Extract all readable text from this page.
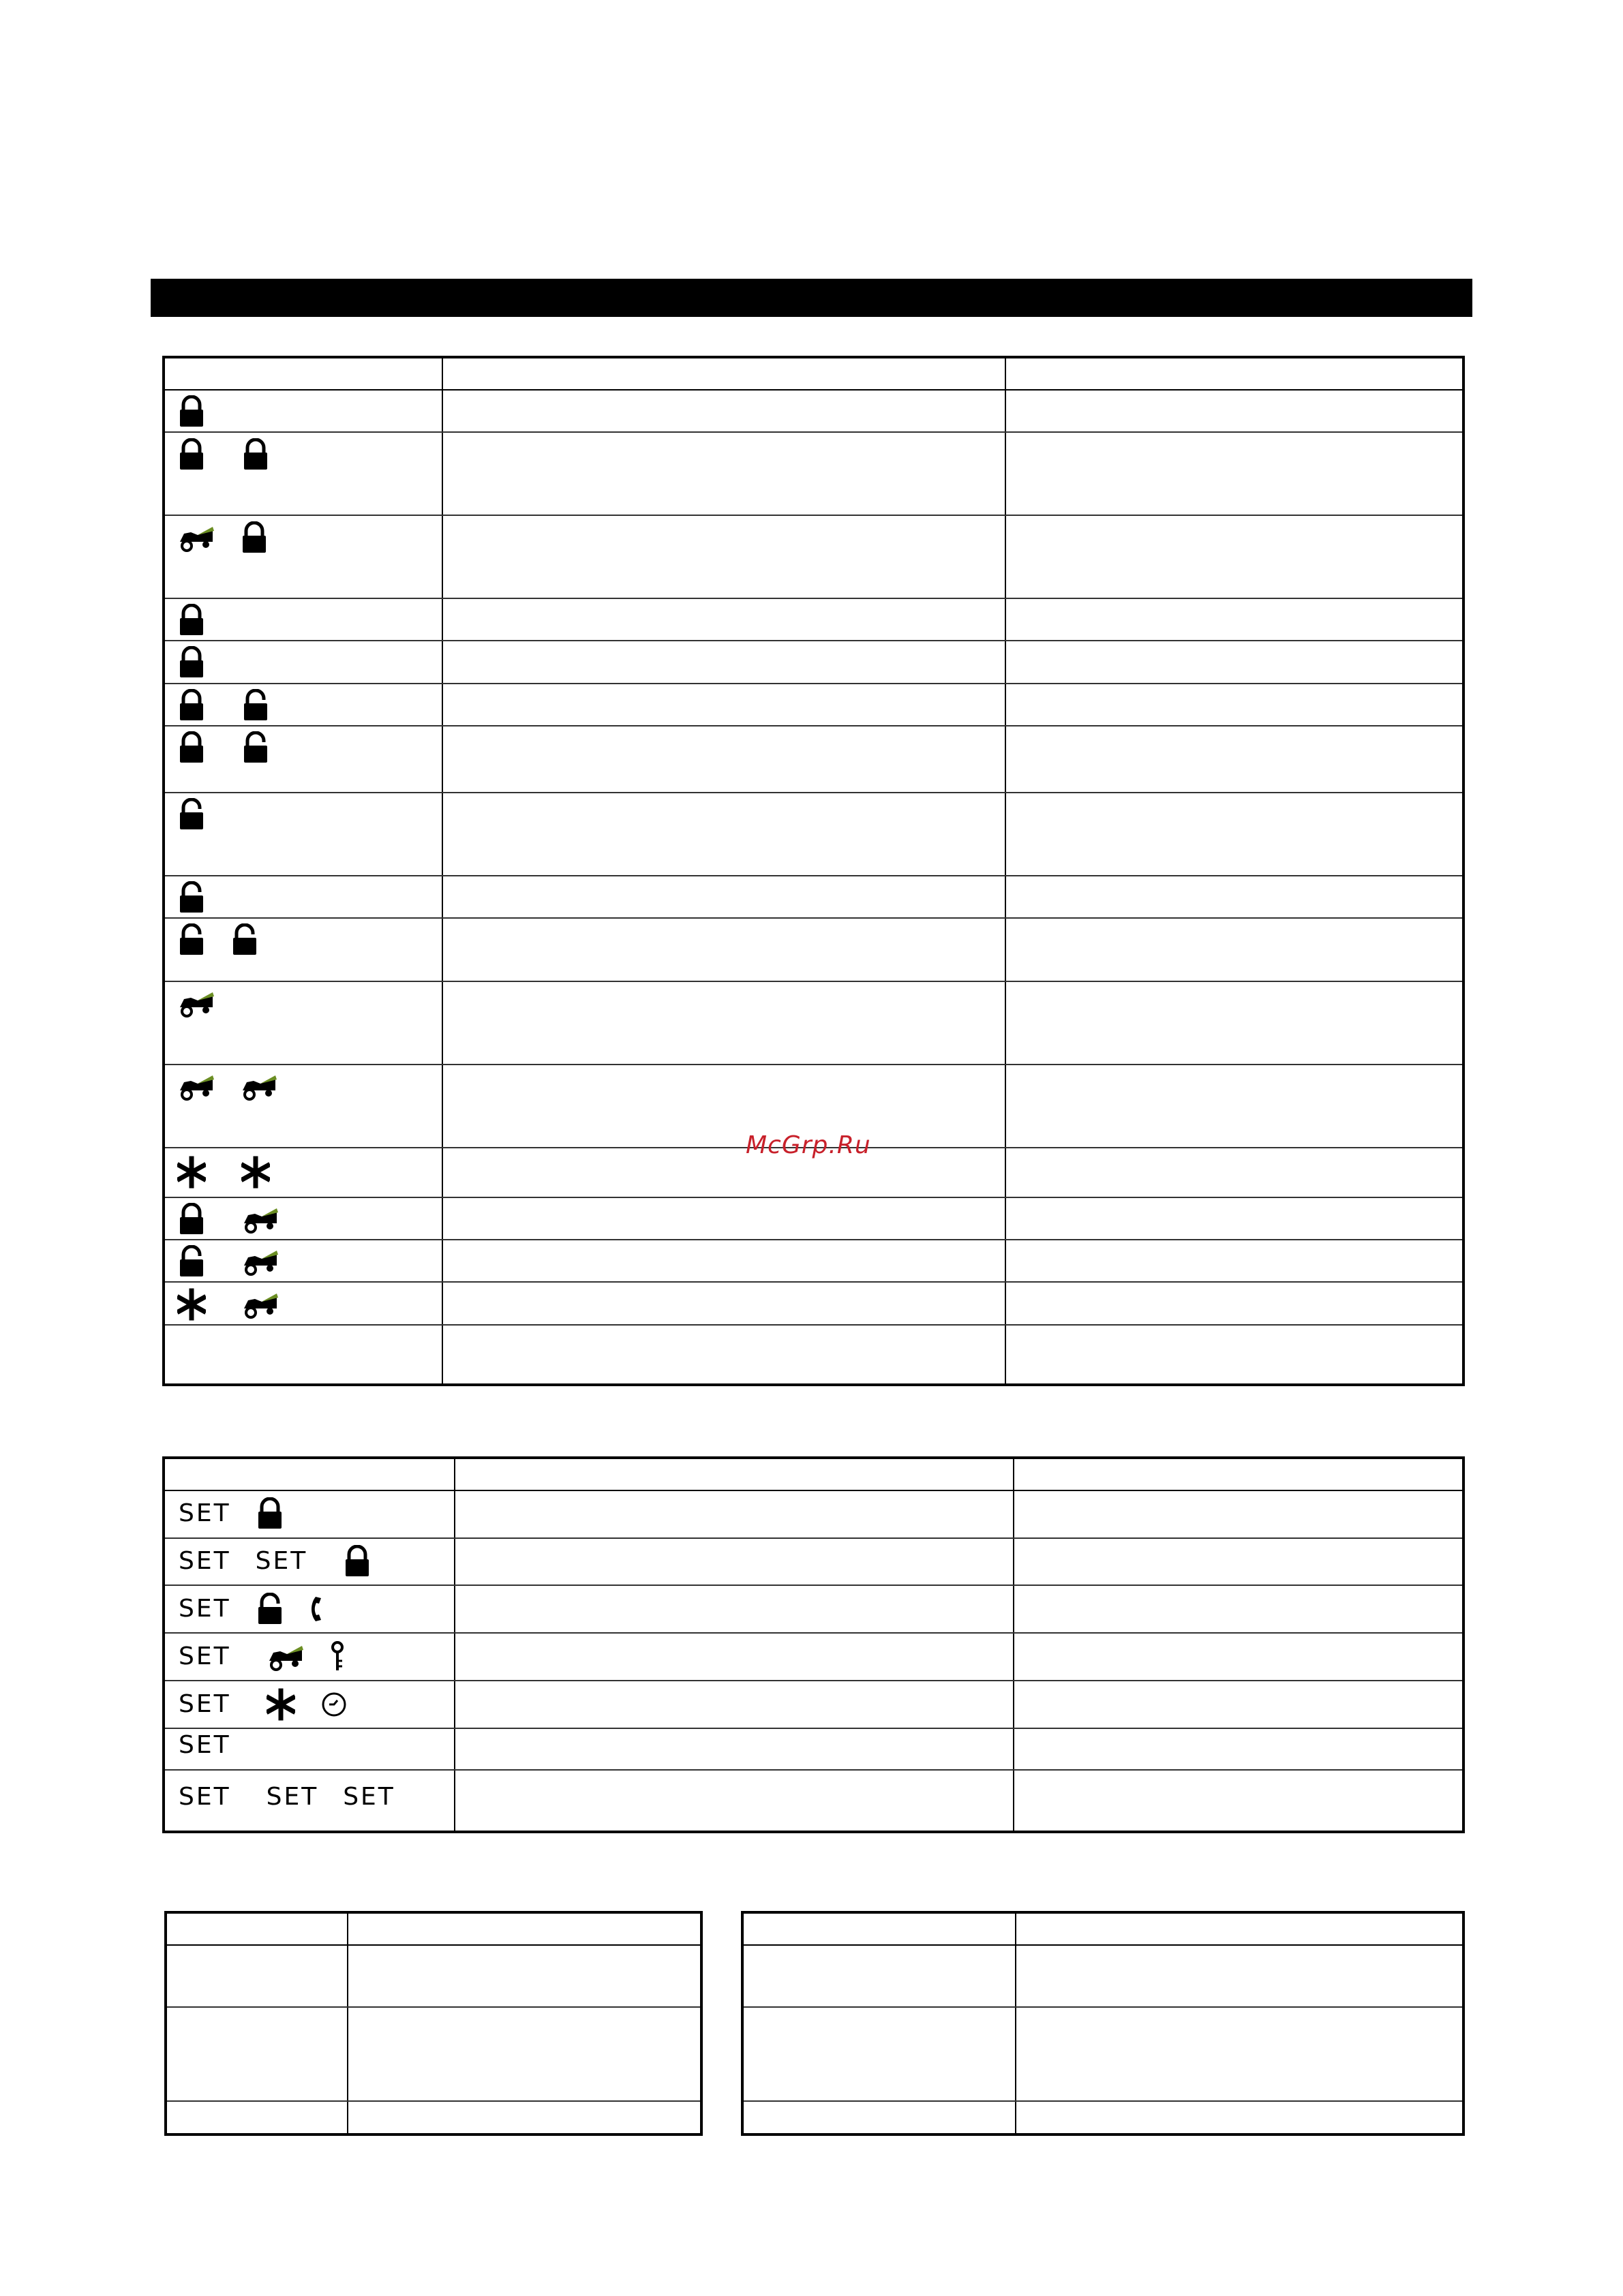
McGrp.Ru
SET
SET SET
SET
SET
SET
SET
SET SET SET
